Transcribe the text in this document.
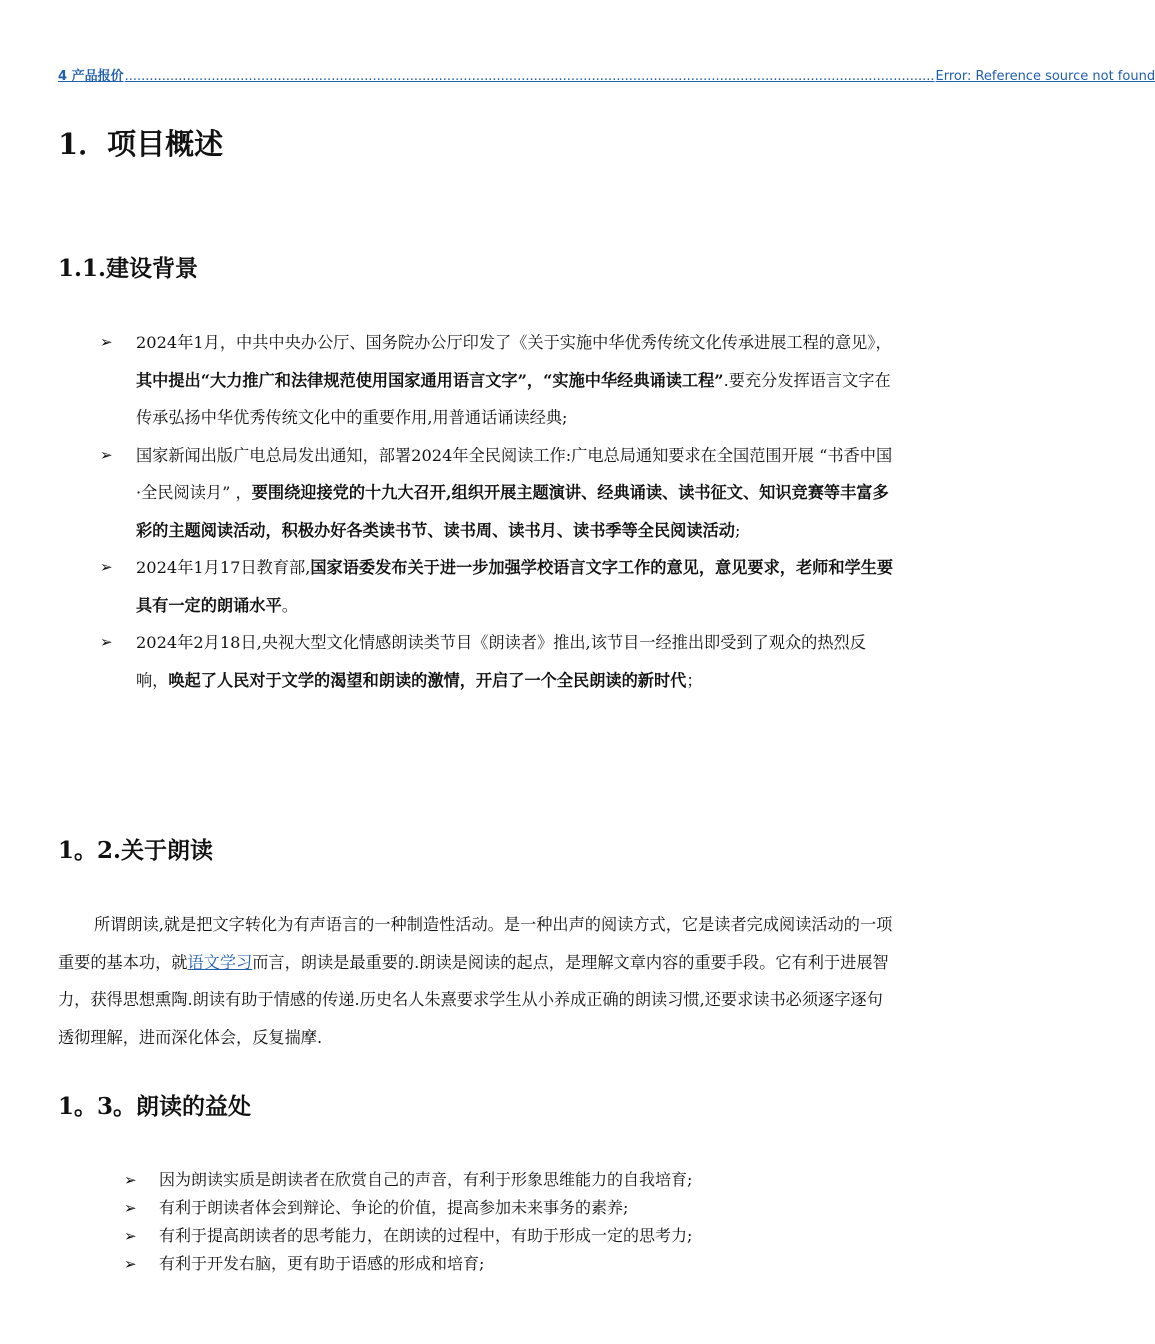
4 产品报价 .................................................................................................................................................................................................... Error: Reference source not found
1．项目概述
1.1.建设背景
➢ 2024年1月，中共中央办公厅、国务院办公厅印发了《关于实施中华优秀传统文化传承进展工程的意见》，其中提出“大力推广和法律规范使用国家通用语言文字”，“实施中华经典诵读工程”.要充分发挥语言文字在传承弘扬中华优秀传统文化中的重要作用,用普通话诵读经典;
➢ 国家新闻出版广电总局发出通知，部署2024年全民阅读工作:广电总局通知要求在全国范围开展 “书香中国·全民阅读月” ，要围绕迎接党的十九大召开,组织开展主题演讲、经典诵读、读书征文、知识竞赛等丰富多彩的主题阅读活动，积极办好各类读书节、读书周、读书月、读书季等全民阅读活动;
➢ 2024年1月17日教育部,国家语委发布关于进一步加强学校语言文字工作的意见，意见要求，老师和学生要具有一定的朗诵水平。
➢ 2024年2月18日,央视大型文化情感朗读类节目《朗读者》推出,该节目一经推出即受到了观众的热烈反响，唤起了人民对于文学的渴望和朗读的激情，开启了一个全民朗读的新时代；
1。2.关于朗读

所谓朗读,就是把文字转化为有声语言的一种制造性活动。是一种出声的阅读方式，它是读者完成阅读活动的一项重要的基本功，就语文学习而言，朗读是最重要的.朗读是阅读的起点，是理解文章内容的重要手段。它有利于进展智力，获得思想熏陶.朗读有助于情感的传递.历史名人朱熹要求学生从小养成正确的朗读习惯,还要求读书必须逐字逐句透彻理解，进而深化体会，反复揣摩.

1。3。朗读的益处
➢ 因为朗读实质是朗读者在欣赏自己的声音，有利于形象思维能力的自我培育;
➢ 有利于朗读者体会到辩论、争论的价值，提高参加未来事务的素养;
➢ 有利于提高朗读者的思考能力，在朗读的过程中，有助于形成一定的思考力;
➢ 有利于开发右脑，更有助于语感的形成和培育;
